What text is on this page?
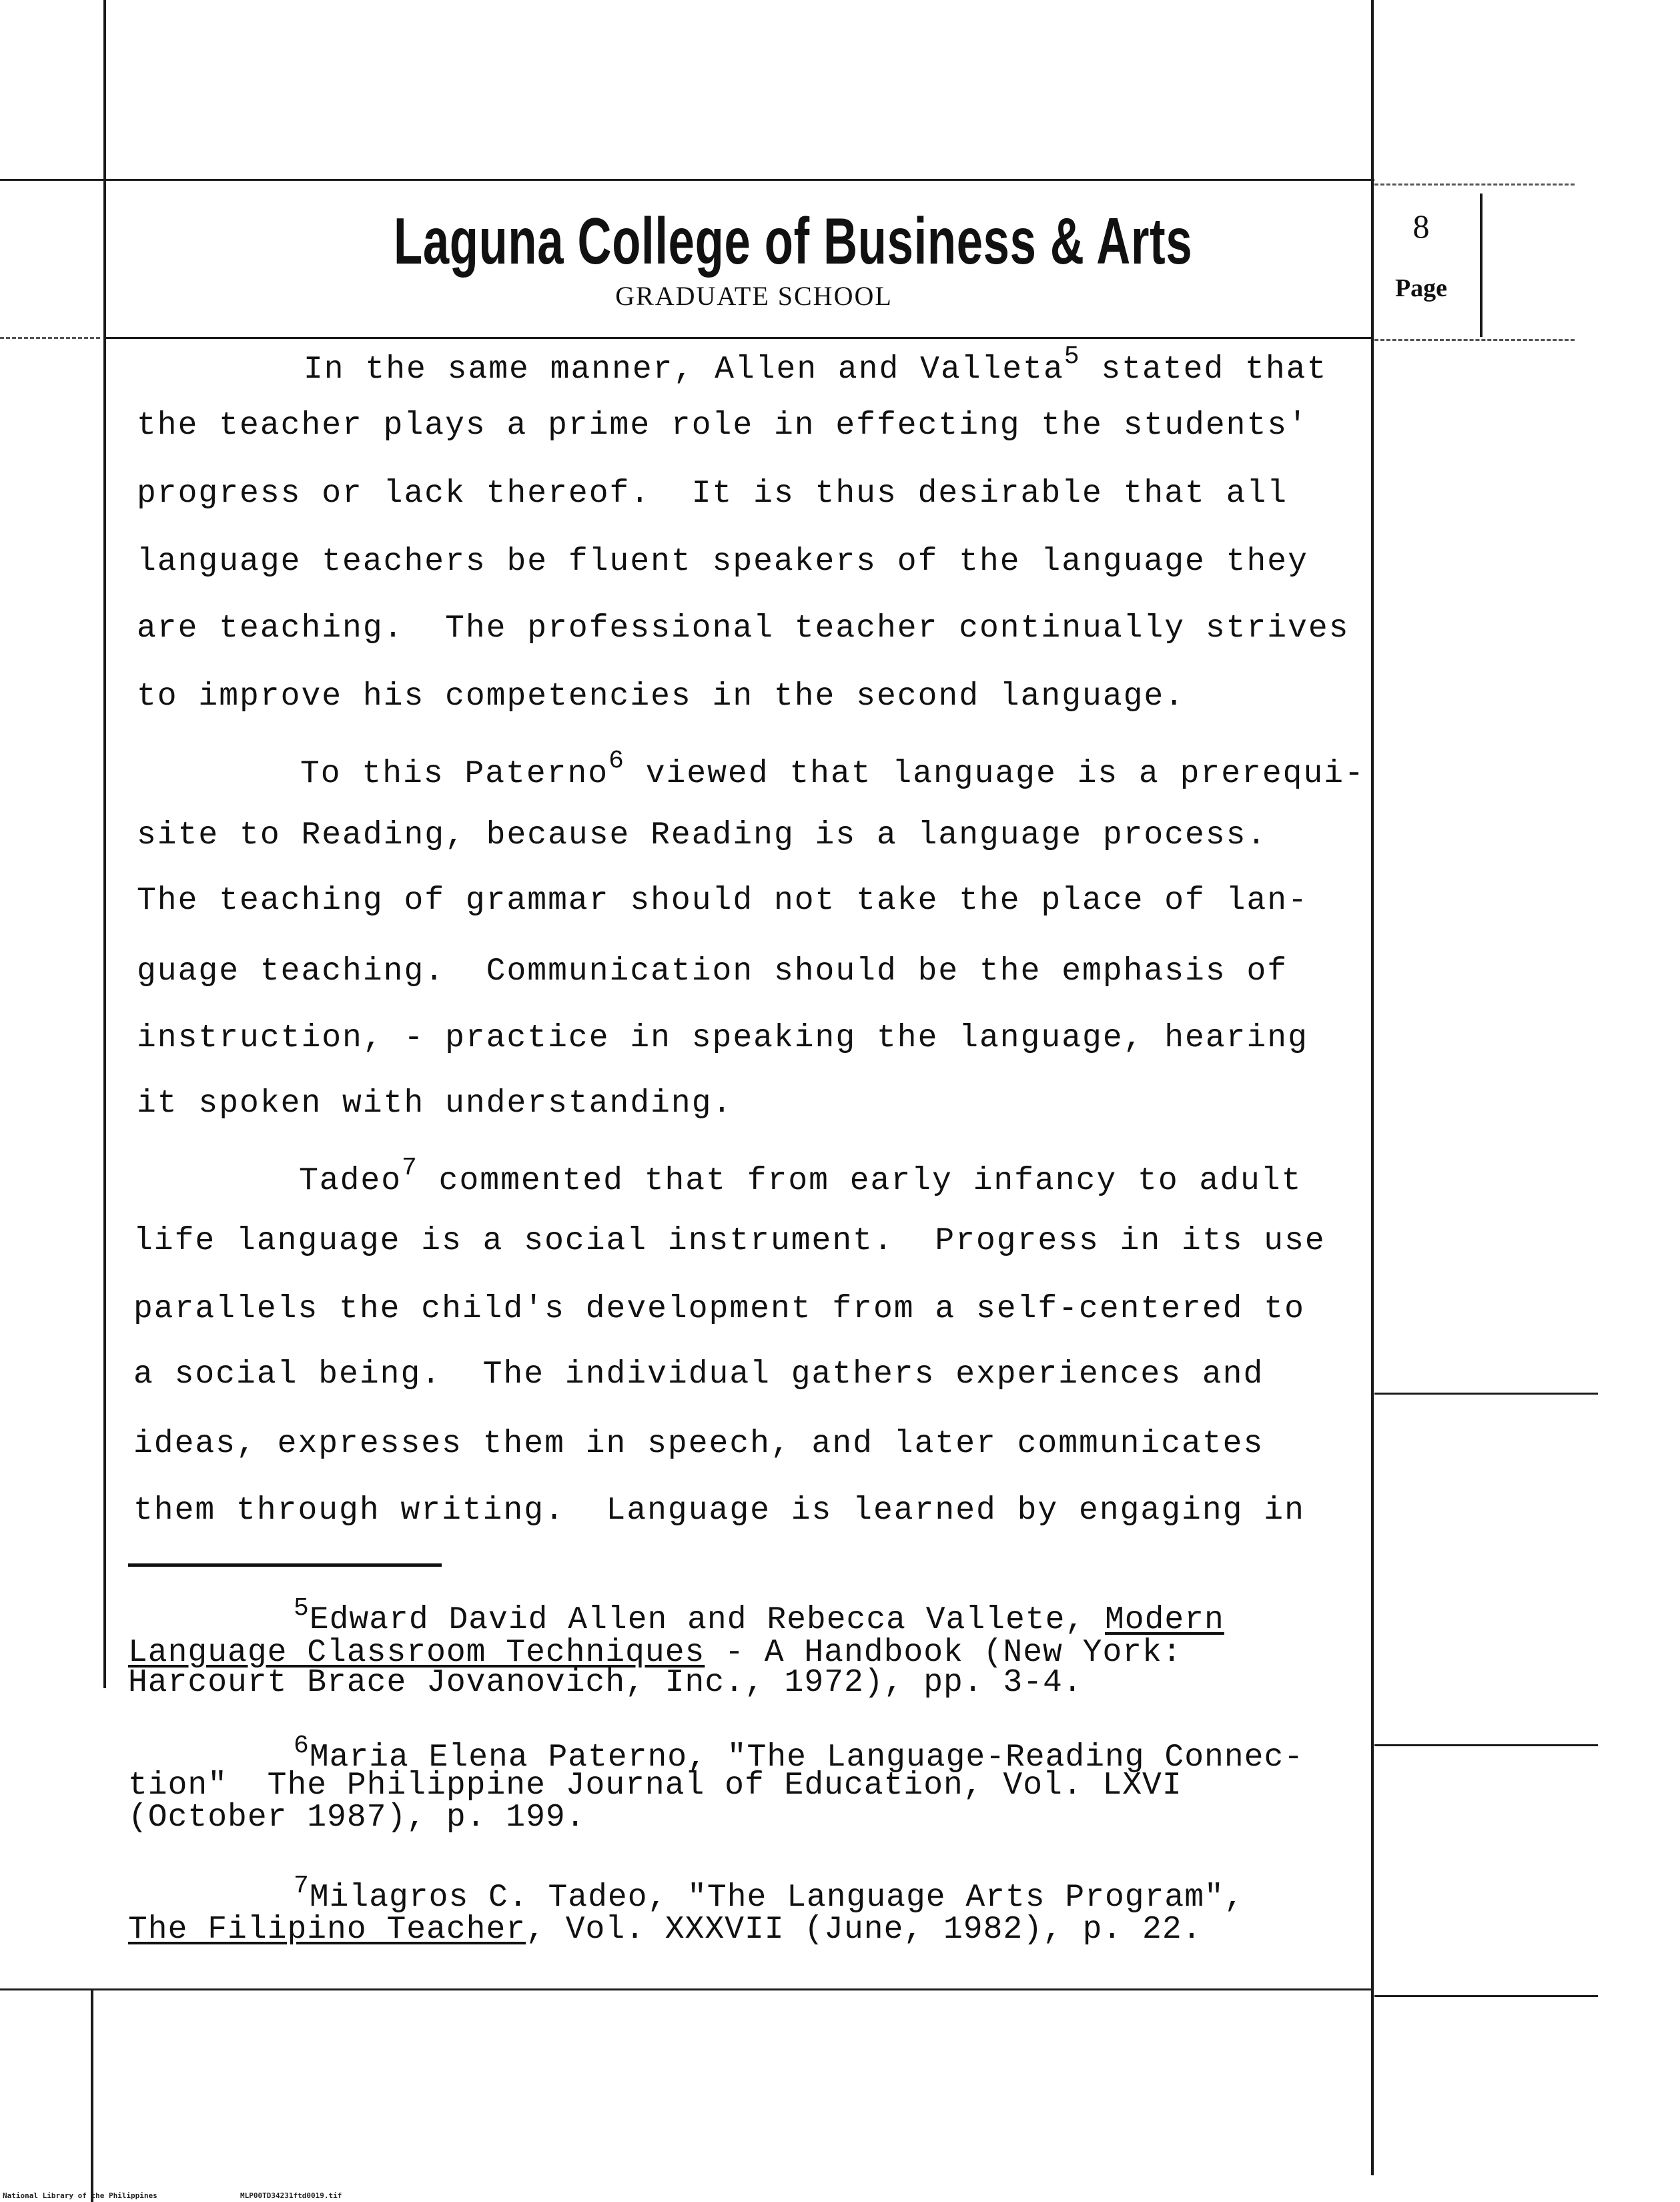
Laguna College of Business & Arts
GRADUATE SCHOOL
8
Page
In the same manner, Allen and Valleta$^5$ stated that
the teacher plays a prime role in effecting the students'
progress or lack thereof.  It is thus desirable that all
language teachers be fluent speakers of the language they
are teaching.  The professional teacher continually strives
to improve his competencies in the second language.
To this Paterno$^6$ viewed that language is a prerequi-
site to Reading, because Reading is a language process.
The teaching of grammar should not take the place of lan-
guage teaching.  Communication should be the emphasis of
instruction, - practice in speaking the language, hearing
it spoken with understanding.
Tadeo$^7$ commented that from early infancy to adult
life language is a social instrument.  Progress in its use
parallels the child's development from a self-centered to
a social being.  The individual gathers experiences and
ideas, expresses them in speech, and later communicates
them through writing.  Language is learned by engaging in
$^5$Edward David Allen and Rebecca Vallete, Modern
Language Classroom Techniques - A Handbook (New York:
Harcourt Brace Jovanovich, Inc., 1972), pp. 3-4.
$^6$Maria Elena Paterno, "The Language-Reading Connec-
tion"  The Philippine Journal of Education, Vol. LXVI
(October 1987), p. 199.
$^7$Milagros C. Tadeo, "The Language Arts Program",
The Filipino Teacher, Vol. XXXVII (June, 1982), p. 22.
National Library of the Philippines	MLP00TD34231ftd0019.tif
